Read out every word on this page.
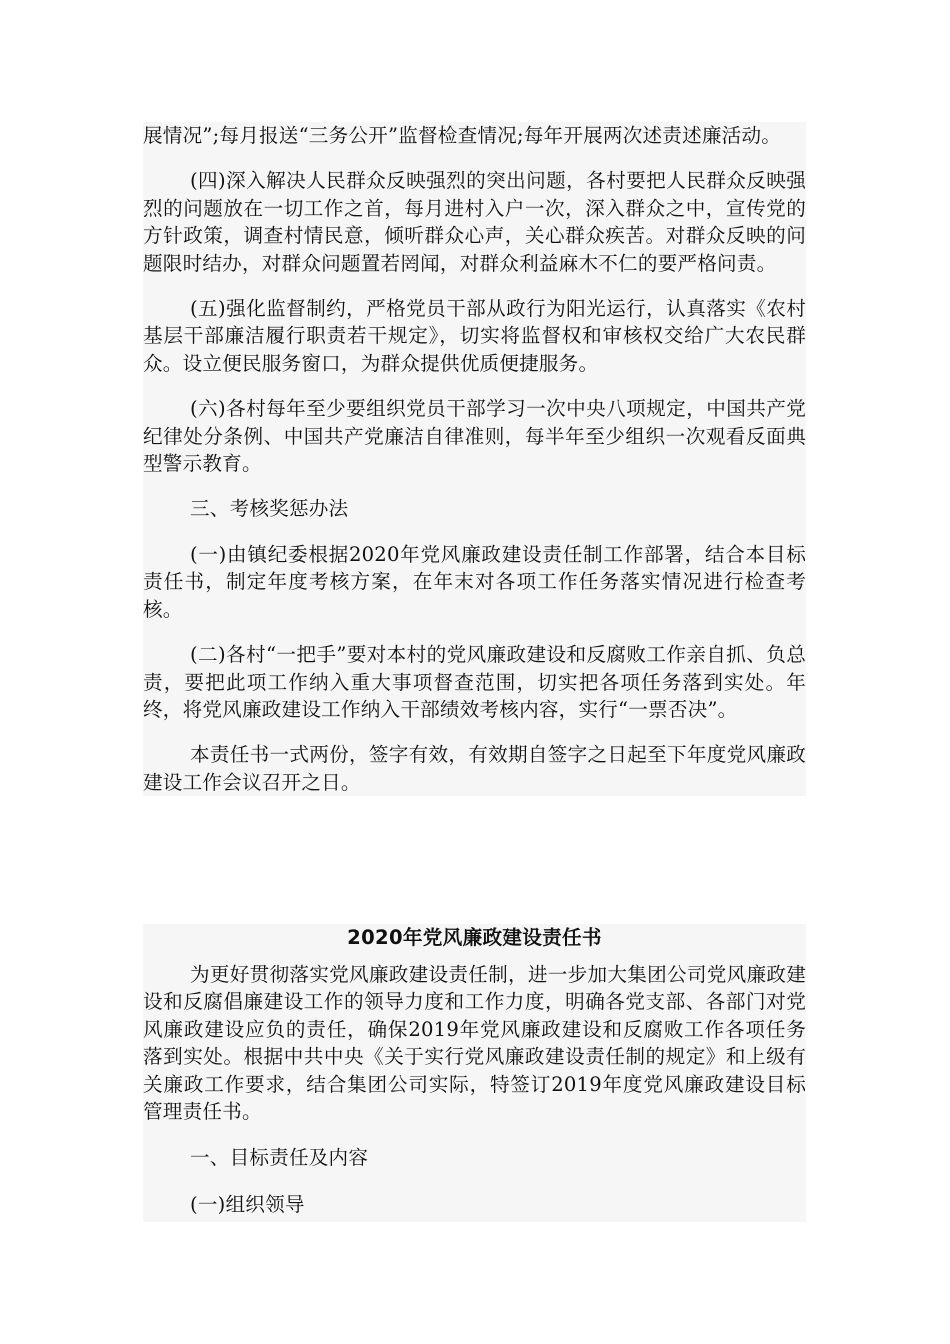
展情况”;每月报送“三务公开”监督检查情况;每年开展两次述责述廉活动。

(四)深入解决人民群众反映强烈的突出问题，各村要把人民群众反映强烈的问题放在一切工作之首，每月进村入户一次，深入群众之中，宣传党的方针政策，调查村情民意，倾听群众心声，关心群众疾苦。对群众反映的问题限时结办，对群众问题置若罔闻，对群众利益麻木不仁的要严格问责。

(五)强化监督制约，严格党员干部从政行为阳光运行，认真落实《农村基层干部廉洁履行职责若干规定》，切实将监督权和审核权交给广大农民群众。设立便民服务窗口，为群众提供优质便捷服务。

(六)各村每年至少要组织党员干部学习一次中央八项规定，中国共产党纪律处分条例、中国共产党廉洁自律准则，每半年至少组织一次观看反面典型警示教育。

三、考核奖惩办法

(一)由镇纪委根据2020年党风廉政建设责任制工作部署，结合本目标责任书，制定年度考核方案，在年末对各项工作任务落实情况进行检查考核。

(二)各村“一把手”要对本村的党风廉政建设和反腐败工作亲自抓、负总责，要把此项工作纳入重大事项督查范围，切实把各项任务落到实处。年终，将党风廉政建设工作纳入干部绩效考核内容，实行“一票否决”。

本责任书一式两份，签字有效，有效期自签字之日起至下年度党风廉政建设工作会议召开之日。

2020年党风廉政建设责任书

为更好贯彻落实党风廉政建设责任制，进一步加大集团公司党风廉政建设和反腐倡廉建设工作的领导力度和工作力度，明确各党支部、各部门对党风廉政建设应负的责任，确保2019年党风廉政建设和反腐败工作各项任务落到实处。根据中共中央《关于实行党风廉政建设责任制的规定》和上级有关廉政工作要求，结合集团公司实际，特签订2019年度党风廉政建设目标管理责任书。

一、目标责任及内容

(一)组织领导
